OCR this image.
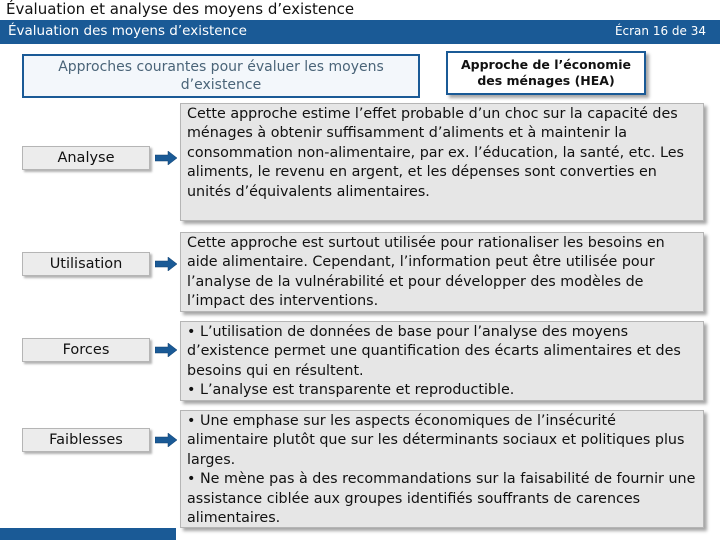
Évaluation et analyse des moyens d’existence
Évaluation des moyens d’existence	Écran 16 de 34
Approches courantes pour évaluer les moyens d’existence
Approche de l’économie des ménages (HEA)
Analyse
Cette approche estime l’effet probable d’un choc sur la capacité des ménages à obtenir suffisamment d’aliments et à maintenir la consommation non-alimentaire, par ex. l’éducation, la santé, etc. Les aliments, le revenu en argent, et les dépenses sont converties en unités d’équivalents alimentaires.
Utilisation
Cette approche est surtout utilisée pour rationaliser les besoins en aide alimentaire. Cependant, l’information peut être utilisée pour l’analyse de la vulnérabilité et pour développer des modèles de l’impact des interventions.
Forces
• L’utilisation de données de base pour l’analyse des moyens d’existence permet une quantification des écarts alimentaires et des besoins qui en résultent.
• L’analyse est transparente et reproductible.
Faiblesses
• Une emphase sur les aspects économiques de l’insécurité alimentaire plutôt que sur les déterminants sociaux et politiques plus larges.
• Ne mène pas à des recommandations sur la faisabilité de fournir une assistance ciblée aux groupes identifiés souffrants de carences alimentaires.
